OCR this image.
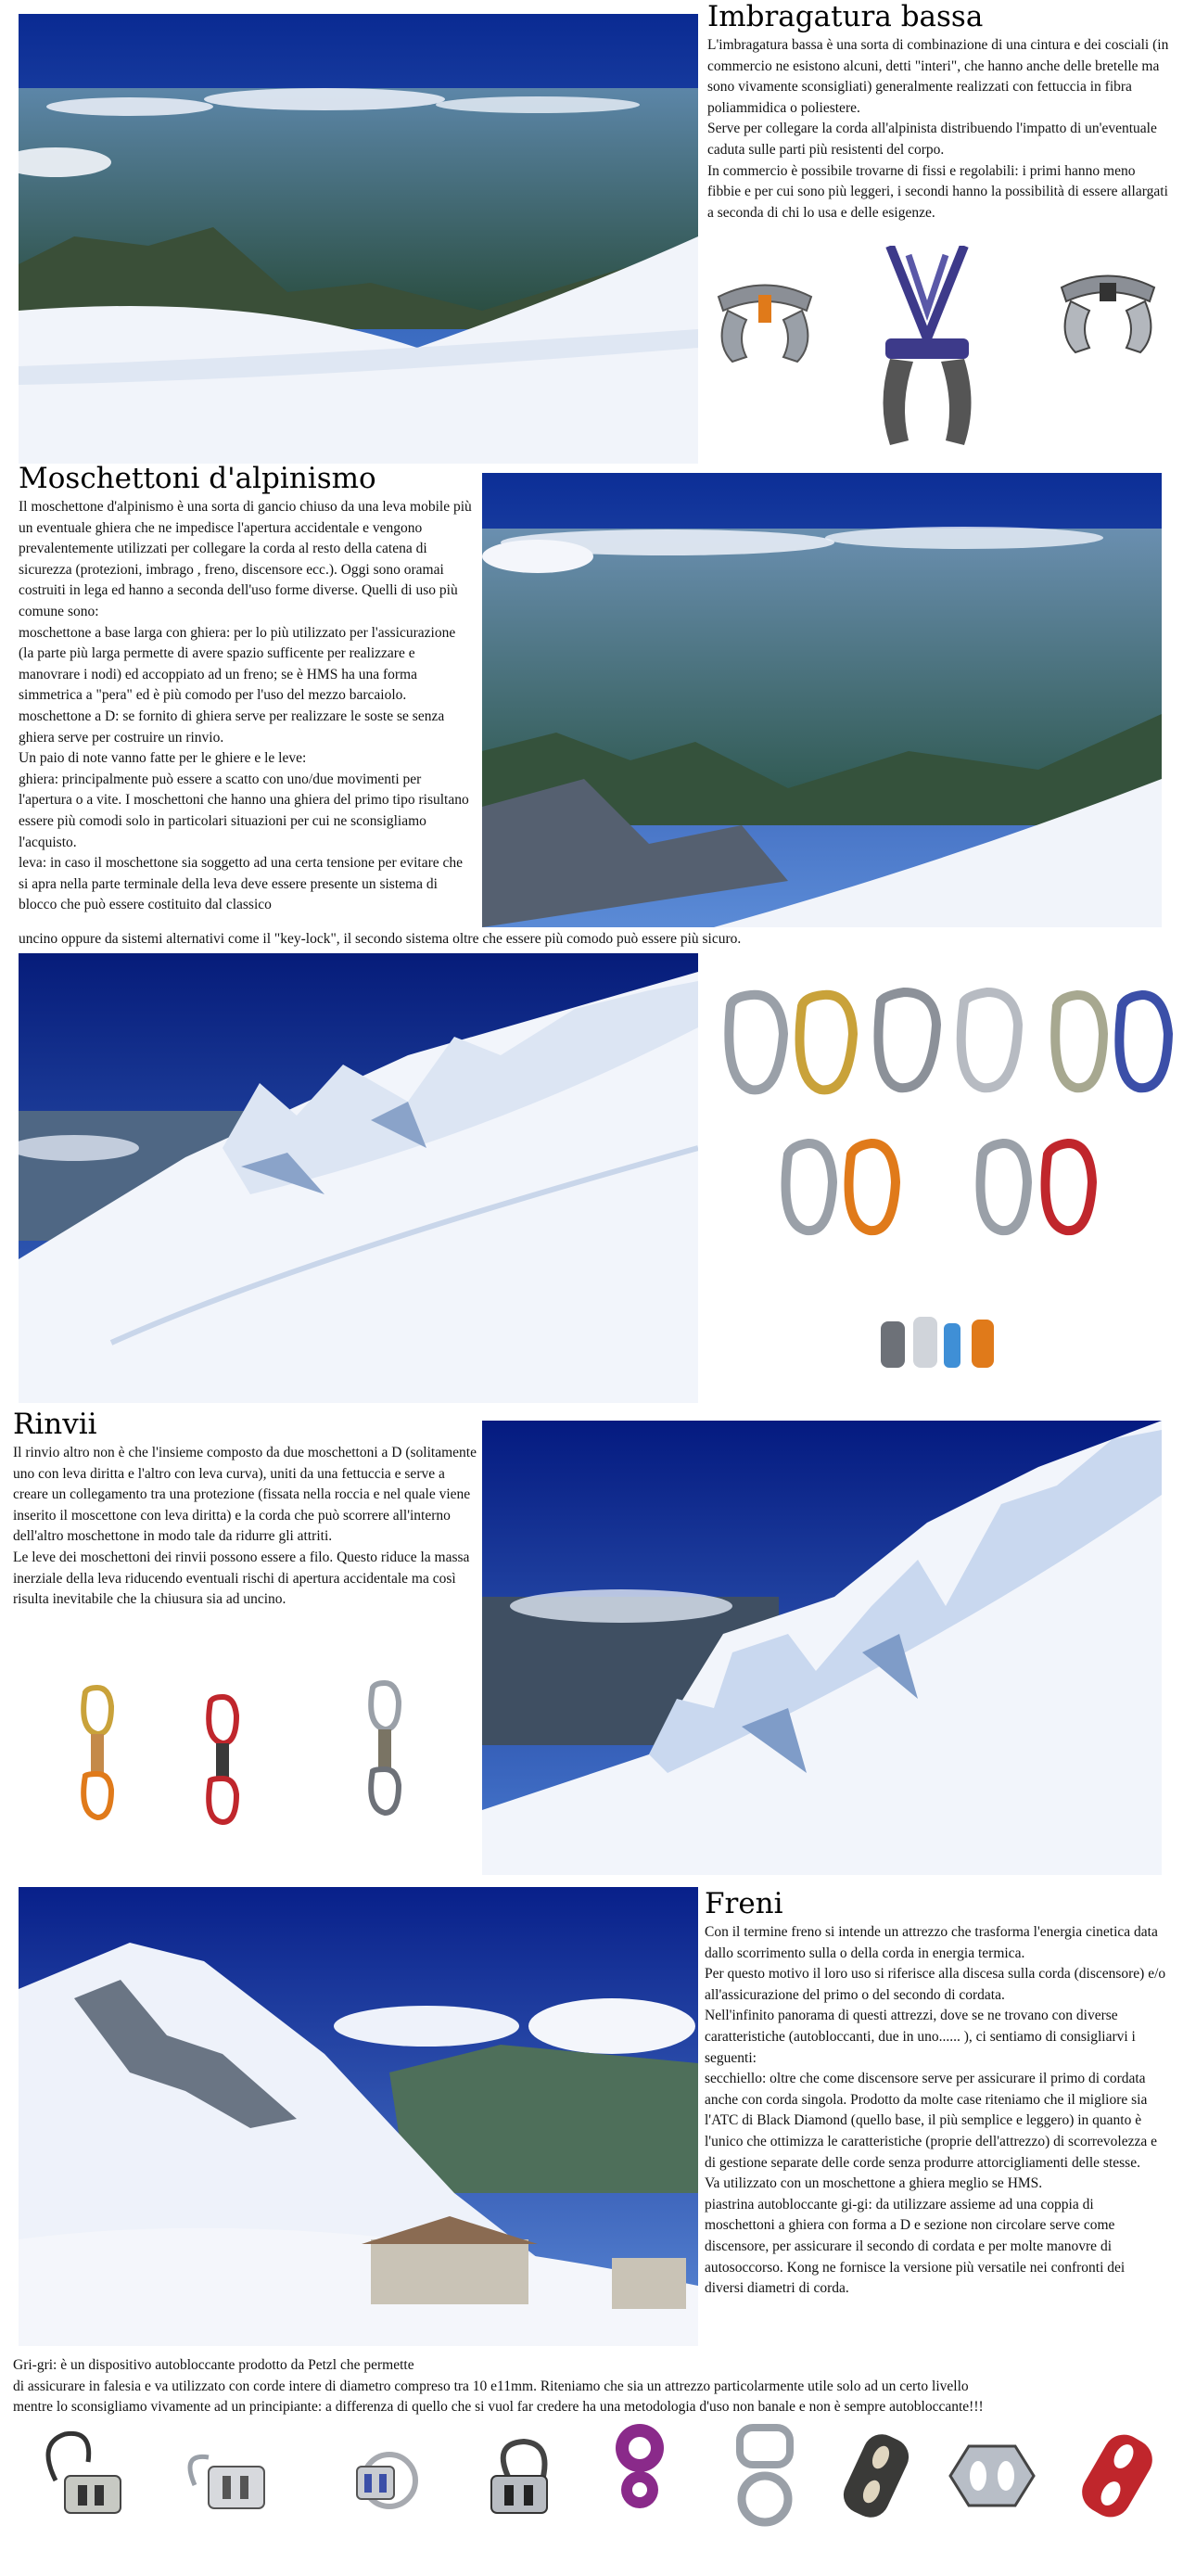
Imbragatura bassa

L'imbragatura bassa è una sorta di combinazione di una cintura e dei cosciali (in commercio ne esistono alcuni, detti "interi", che hanno anche delle bretelle ma sono vivamente sconsigliati) generalmente realizzati con fettuccia in fibra poliammidica o poliestere.
Serve per collegare la corda all'alpinista distribuendo l'impatto di un'eventuale caduta sulle parti più resistenti del corpo.
In commercio è possibile trovarne di fissi e regolabili: i primi hanno meno fibbie e per cui sono più leggeri, i secondi hanno la possibilità di essere allargati a seconda di chi lo usa e delle esigenze.

Moschettoni d'alpinismo

Il moschettone d'alpinismo è una sorta di gancio chiuso da una leva mobile più un eventuale ghiera che ne impedisce l'apertura accidentale e vengono prevalentemente utilizzati per collegare la corda al resto della catena di sicurezza (protezioni, imbrago , freno, discensore ecc.). Oggi sono oramai costruiti in lega ed hanno a seconda dell'uso forme diverse. Quelli di uso più comune sono:
moschettone a base larga con ghiera: per lo più utilizzato per l'assicurazione (la parte più larga permette di avere spazio sufficente per realizzare e manovrare i nodi) ed accoppiato ad un freno; se è HMS ha una forma simmetrica a "pera" ed è più comodo per l'uso del mezzo barcaiolo.
moschettone a D: se fornito di ghiera serve per realizzare le soste se senza ghiera serve per costruire un rinvio.
Un paio di note vanno fatte per le ghiere e le leve:
ghiera: principalmente può essere a scatto con uno/due movimenti per l'apertura o a vite. I moschettoni che hanno una ghiera del primo tipo risultano essere più comodi solo in particolari situazioni per cui ne sconsigliamo l'acquisto.
leva: in caso il moschettone sia soggetto ad una certa tensione per evitare che si apra nella parte terminale della leva deve essere presente un sistema di blocco che può essere costituito dal classico

uncino oppure da sistemi alternativi come il "key-lock", il secondo sistema oltre che essere più comodo può essere più sicuro.

Rinvii

Il rinvio altro non è che l'insieme composto da due moschettoni a D (solitamente uno con leva diritta e l'altro con leva curva), uniti da una fettuccia e serve a creare un collegamento tra una protezione (fissata nella roccia e nel quale viene inserito il moscettone con leva diritta) e la corda che può scorrere all'interno dell'altro moschettone in modo tale da ridurre gli attriti.
Le leve dei moschettoni dei rinvii possono essere a filo. Questo riduce la massa inerziale della leva riducendo eventuali rischi di apertura accidentale ma così risulta inevitabile che la chiusura sia ad uncino.

Freni

Con il termine freno si intende un attrezzo che trasforma l'energia cinetica data dallo scorrimento sulla o della corda in energia termica.
Per questo motivo il loro uso si riferisce alla discesa sulla corda (discensore) e/o all'assicurazione del primo o del secondo di cordata.
Nell'infinito panorama di questi attrezzi, dove se ne trovano con diverse caratteristiche (autobloccanti, due in uno...... ), ci sentiamo di consigliarvi i seguenti:
secchiello: oltre che come discensore serve per assicurare il primo di cordata anche con corda singola. Prodotto da molte case riteniamo che il migliore sia l'ATC di Black Diamond (quello base, il più semplice e leggero) in quanto è l'unico che ottimizza le caratteristiche (proprie dell'attrezzo) di scorrevolezza e di gestione separate delle corde senza produrre attorcigliamenti delle stesse.
Va utilizzato con un moschettone a ghiera meglio se HMS.
piastrina autobloccante gi-gi: da utilizzare assieme ad una coppia di moschettoni a ghiera con forma a D e sezione non circolare serve come discensore, per assicurare il secondo di cordata e per molte manovre di autosoccorso. Kong ne fornisce la versione più versatile nei confronti dei diversi diametri di corda.

Gri-gri: è un dispositivo autobloccante prodotto da Petzl che permette
di assicurare in falesia e va utilizzato con corde intere di diametro compreso tra 10 e11mm. Riteniamo che sia un attrezzo particolarmente utile solo ad un certo livello
mentre lo sconsigliamo vivamente ad un principiante: a differenza di quello che si vuol far credere ha una metodologia d'uso non banale e non è sempre autobloccante!!!
